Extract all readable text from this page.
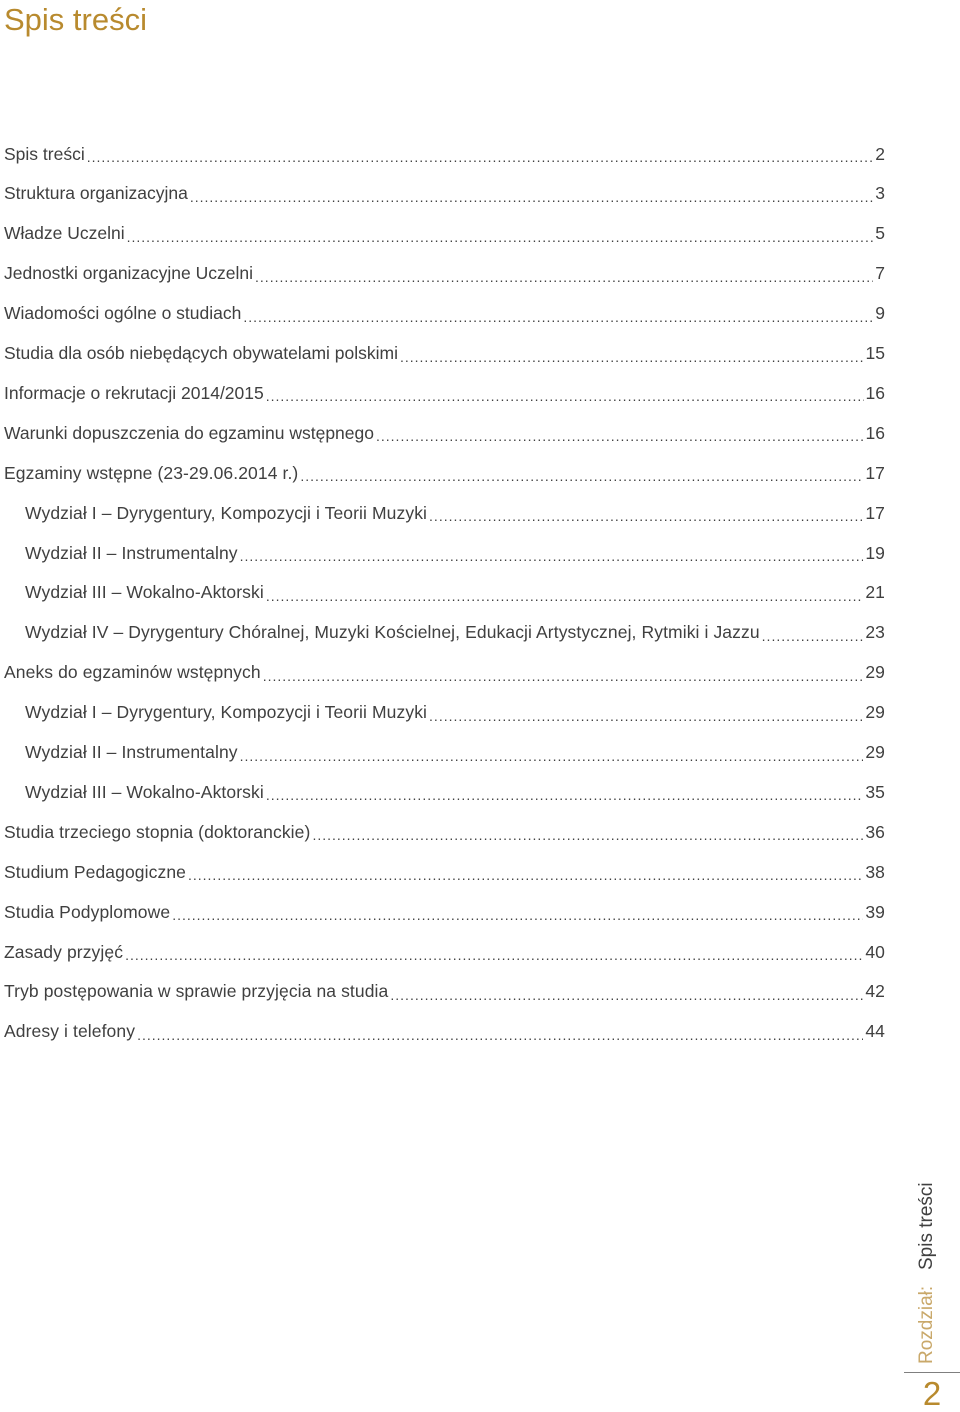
Spis treści
Spis treści .....	2
Struktura organizacyjna .....	3
Władze Uczelni .....	5
Jednostki organizacyjne Uczelni .....	7
Wiadomości ogólne o studiach .....	9
Studia dla osób niebędących obywatelami polskimi .....	15
Informacje o rekrutacji 2014/2015 .....	16
Warunki dopuszczenia do egzaminu wstępnego .....	16
Egzaminy wstępne (23-29.06.2014 r.) .....	17
Wydział I – Dyrygentury, Kompozycji i Teorii Muzyki .....	17
Wydział II – Instrumentalny .....	19
Wydział III – Wokalno-Aktorski .....	21
Wydział IV – Dyrygentury Chóralnej, Muzyki Kościelnej, Edukacji Artystycznej, Rytmiki i Jazzu .....	23
Aneks do egzaminów wstępnych .....	29
Wydział I – Dyrygentury, Kompozycji i Teorii Muzyki .....	29
Wydział II – Instrumentalny .....	29
Wydział III – Wokalno-Aktorski .....	35
Studia trzeciego stopnia (doktoranckie) .....	36
Studium Pedagogiczne .....	38
Studia Podyplomowe .....	39
Zasady przyjęć .....	40
Tryb postępowania w sprawie przyjęcia na studia .....	42
Adresy i telefony .....	44
Rozdział:   Spis treści
2
